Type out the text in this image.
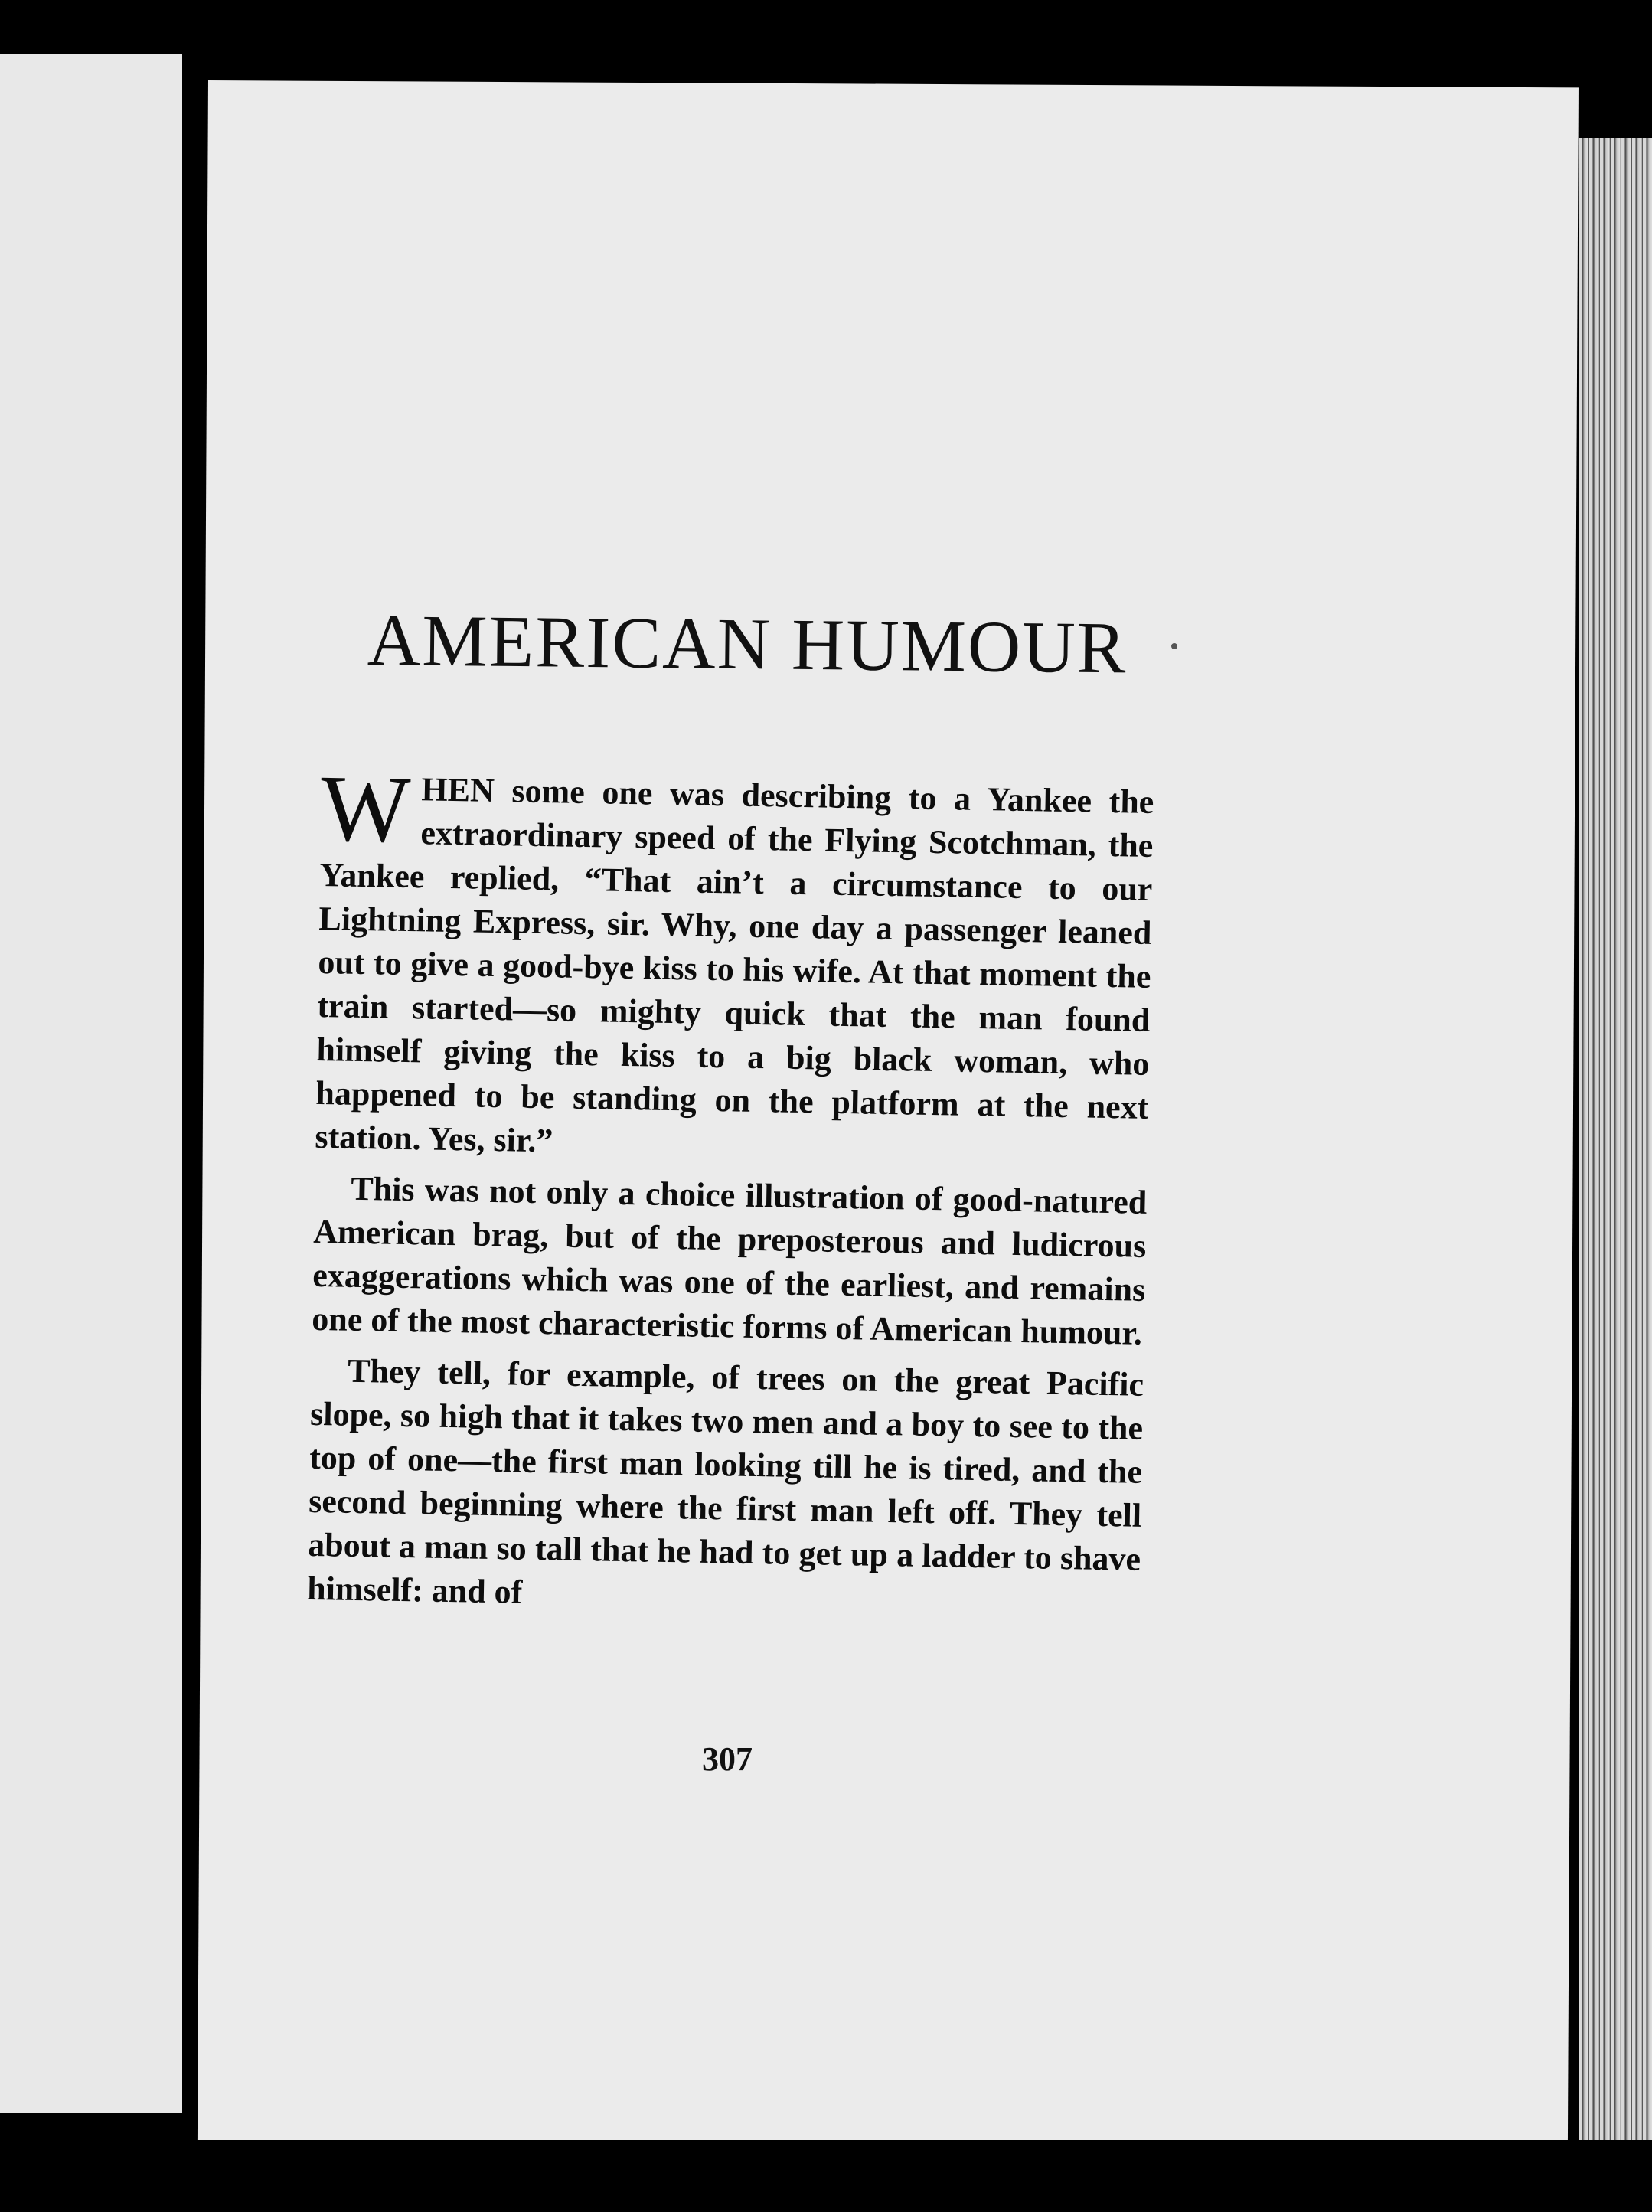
AMERICAN HUMOUR

W HEN some one was describing to a Yankee the extraordinary speed of the Flying Scotchman, the Yankee replied, “That ain’t a circumstance to our Lightning Express, sir. Why, one day a passenger leaned out to give a good-bye kiss to his wife. At that moment the train started—so mighty quick that the man found himself giving the kiss to a big black woman, who happened to be standing on the platform at the next station. Yes, sir.”

This was not only a choice illustration of good-natured American brag, but of the preposterous and ludicrous exaggerations which was one of the earliest, and remains one of the most characteristic forms of American humour.

They tell, for example, of trees on the great Pacific slope, so high that it takes two men and a boy to see to the top of one—the first man looking till he is tired, and the second beginning where the first man left off. They tell about a man so tall that he had to get up a ladder to shave himself: and of

307
